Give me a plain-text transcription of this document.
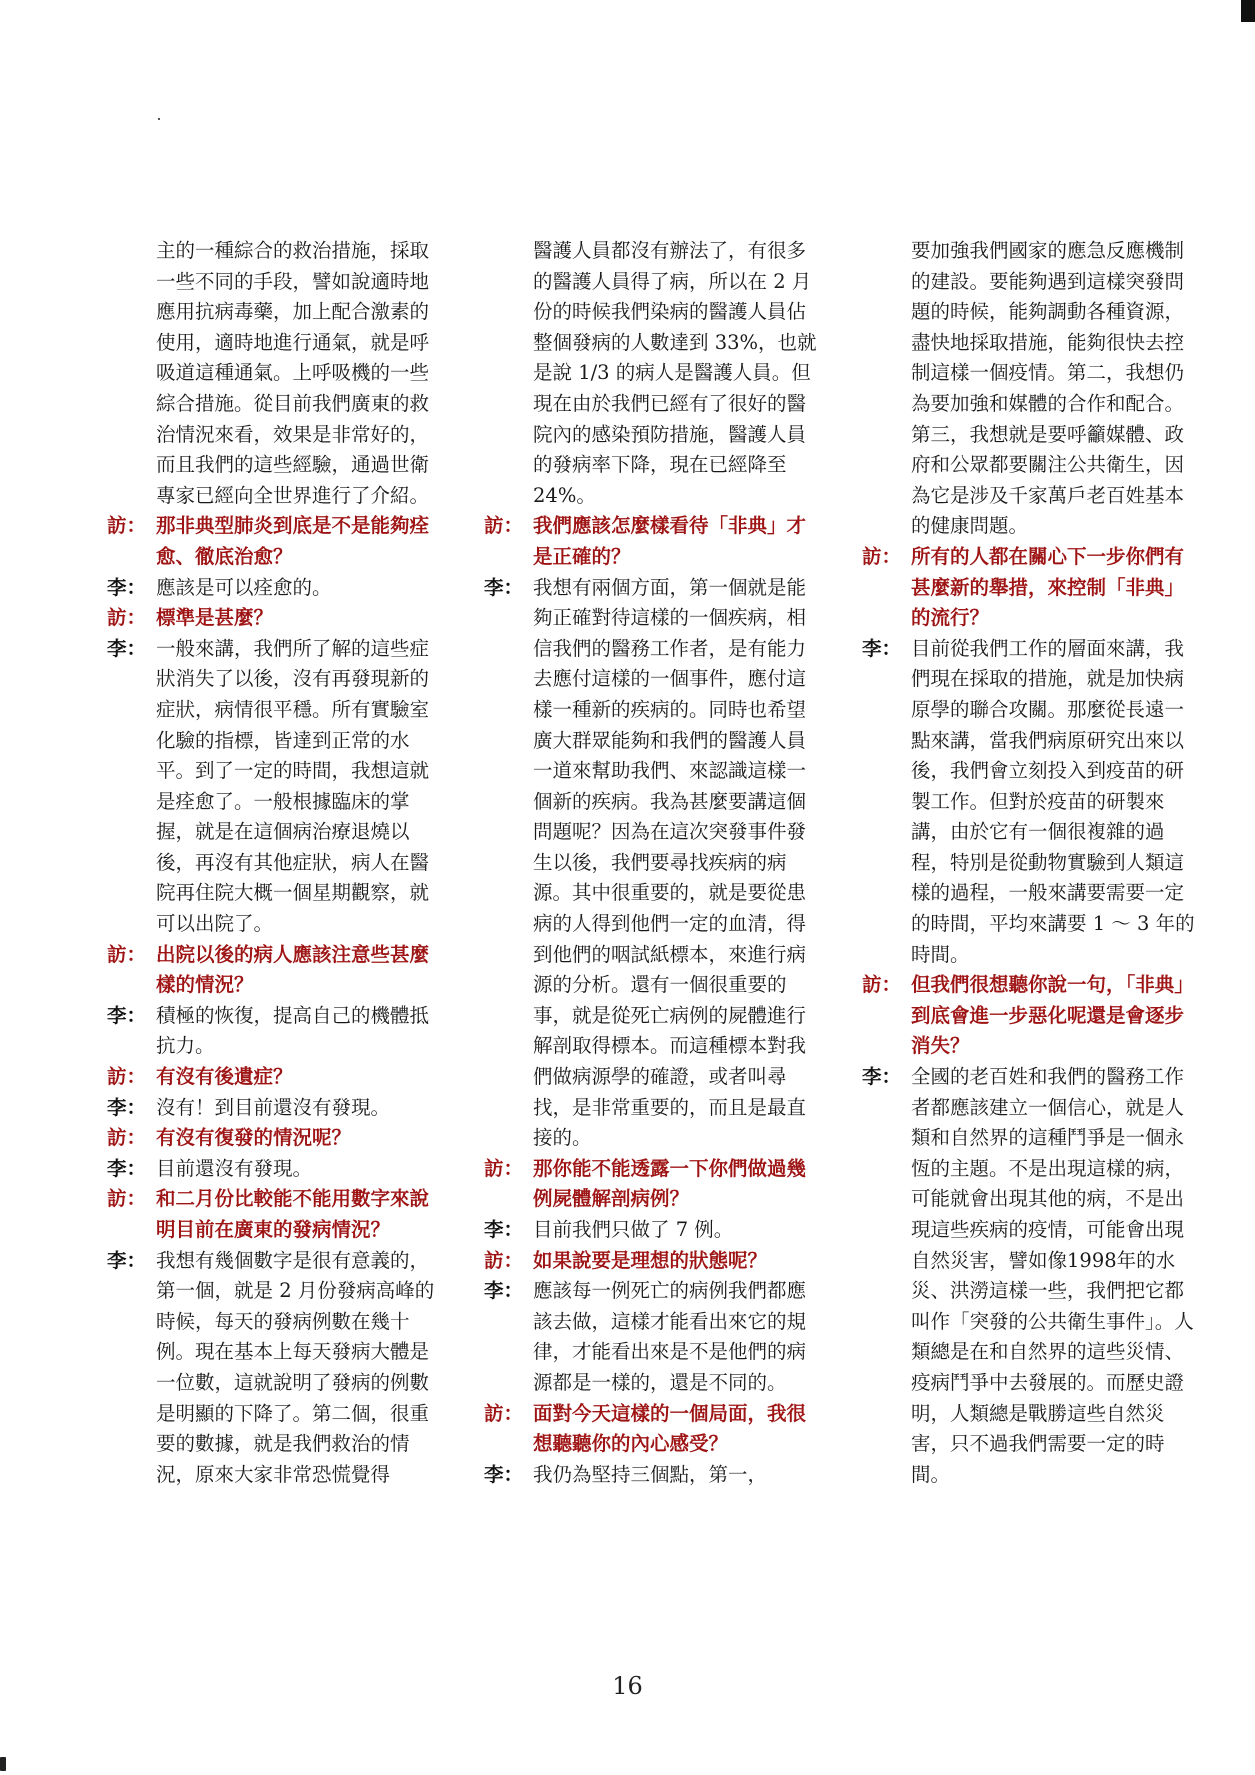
主的一種綜合的救治措施，採取一些不同的手段，譬如說適時地應用抗病毒藥，加上配合激素的使用，適時地進行通氣，就是呼吸道這種通氣。上呼吸機的一些綜合措施。從目前我們廣東的救治情況來看，效果是非常好的，而且我們的這些經驗，通過世衛專家已經向全世界進行了介紹。

訪： 那非典型肺炎到底是不是能夠痊愈、徹底治愈？

李： 應該是可以痊愈的。

訪： 標準是甚麼？

李： 一般來講，我們所了解的這些症狀消失了以後，沒有再發現新的症狀，病情很平穩。所有實驗室化驗的指標，皆達到正常的水平。到了一定的時間，我想這就是痊愈了。一般根據臨床的掌握，就是在這個病治療退燒以後，再沒有其他症狀，病人在醫院再住院大概一個星期觀察，就可以出院了。

訪： 出院以後的病人應該注意些甚麼樣的情況？

李： 積極的恢復，提高自己的機體抵抗力。

訪： 有沒有後遺症？

李： 沒有！到目前還沒有發現。

訪： 有沒有復發的情況呢？

李： 目前還沒有發現。

訪： 和二月份比較能不能用數字來說明目前在廣東的發病情況？

李： 我想有幾個數字是很有意義的，第一個，就是 2 月份發病高峰的時候，每天的發病例數在幾十例。現在基本上每天發病大體是一位數，這就說明了發病的例數是明顯的下降了。第二個，很重要的數據，就是我們救治的情況，原來大家非常恐慌覺得

醫護人員都沒有辦法了，有很多的醫護人員得了病，所以在 2 月份的時候我們染病的醫護人員佔整個發病的人數達到 33%，也就是說 1/3 的病人是醫護人員。但現在由於我們已經有了很好的醫院內的感染預防措施，醫護人員的發病率下降，現在已經降至 24%。

訪： 我們應該怎麼樣看待「非典」才是正確的？

李： 我想有兩個方面，第一個就是能夠正確對待這樣的一個疾病，相信我們的醫務工作者，是有能力去應付這樣的一個事件，應付這樣一種新的疾病的。同時也希望廣大群眾能夠和我們的醫護人員一道來幫助我們、來認識這樣一個新的疾病。我為甚麼要講這個問題呢？因為在這次突發事件發生以後，我們要尋找疾病的病源。其中很重要的，就是要從患病的人得到他們一定的血清，得到他們的咽試紙標本，來進行病源的分析。還有一個很重要的事，就是從死亡病例的屍體進行解剖取得標本。而這種標本對我們做病源學的確證，或者叫尋找，是非常重要的，而且是最直接的。

訪： 那你能不能透露一下你們做過幾例屍體解剖病例？

李： 目前我們只做了 7 例。

訪： 如果說要是理想的狀態呢？

李： 應該每一例死亡的病例我們都應該去做，這樣才能看出來它的規律，才能看出來是不是他們的病源都是一樣的，還是不同的。

訪： 面對今天這樣的一個局面，我很想聽聽你的內心感受？

李： 我仍為堅持三個點，第一，

要加強我們國家的應急反應機制的建設。要能夠遇到這樣突發問題的時候，能夠調動各種資源，盡快地採取措施，能夠很快去控制這樣一個疫情。第二，我想仍為要加強和媒體的合作和配合。第三，我想就是要呼籲媒體、政府和公眾都要關注公共衛生，因為它是涉及千家萬戶老百姓基本的健康問題。

訪： 所有的人都在關心下一步你們有甚麼新的舉措，來控制「非典」的流行？

李： 目前從我們工作的層面來講，我們現在採取的措施，就是加快病原學的聯合攻關。那麼從長遠一點來講，當我們病原研究出來以後，我們會立刻投入到疫苗的研製工作。但對於疫苗的研製來講，由於它有一個很複雜的過程，特別是從動物實驗到人類這樣的過程，一般來講要需要一定的時間，平均來講要 1 ～ 3 年的時間。

訪： 但我們很想聽你說一句，「非典」到底會進一步惡化呢還是會逐步消失？

李： 全國的老百姓和我們的醫務工作者都應該建立一個信心，就是人類和自然界的這種鬥爭是一個永恆的主題。不是出現這樣的病，可能就會出現其他的病，不是出現這些疾病的疫情，可能會出現自然災害，譬如像1998年的水災、洪澇這樣一些，我們把它都叫作「突發的公共衛生事件」。人類總是在和自然界的這些災情、疫病鬥爭中去發展的。而歷史證明，人類總是戰勝這些自然災害，只不過我們需要一定的時間。

16
